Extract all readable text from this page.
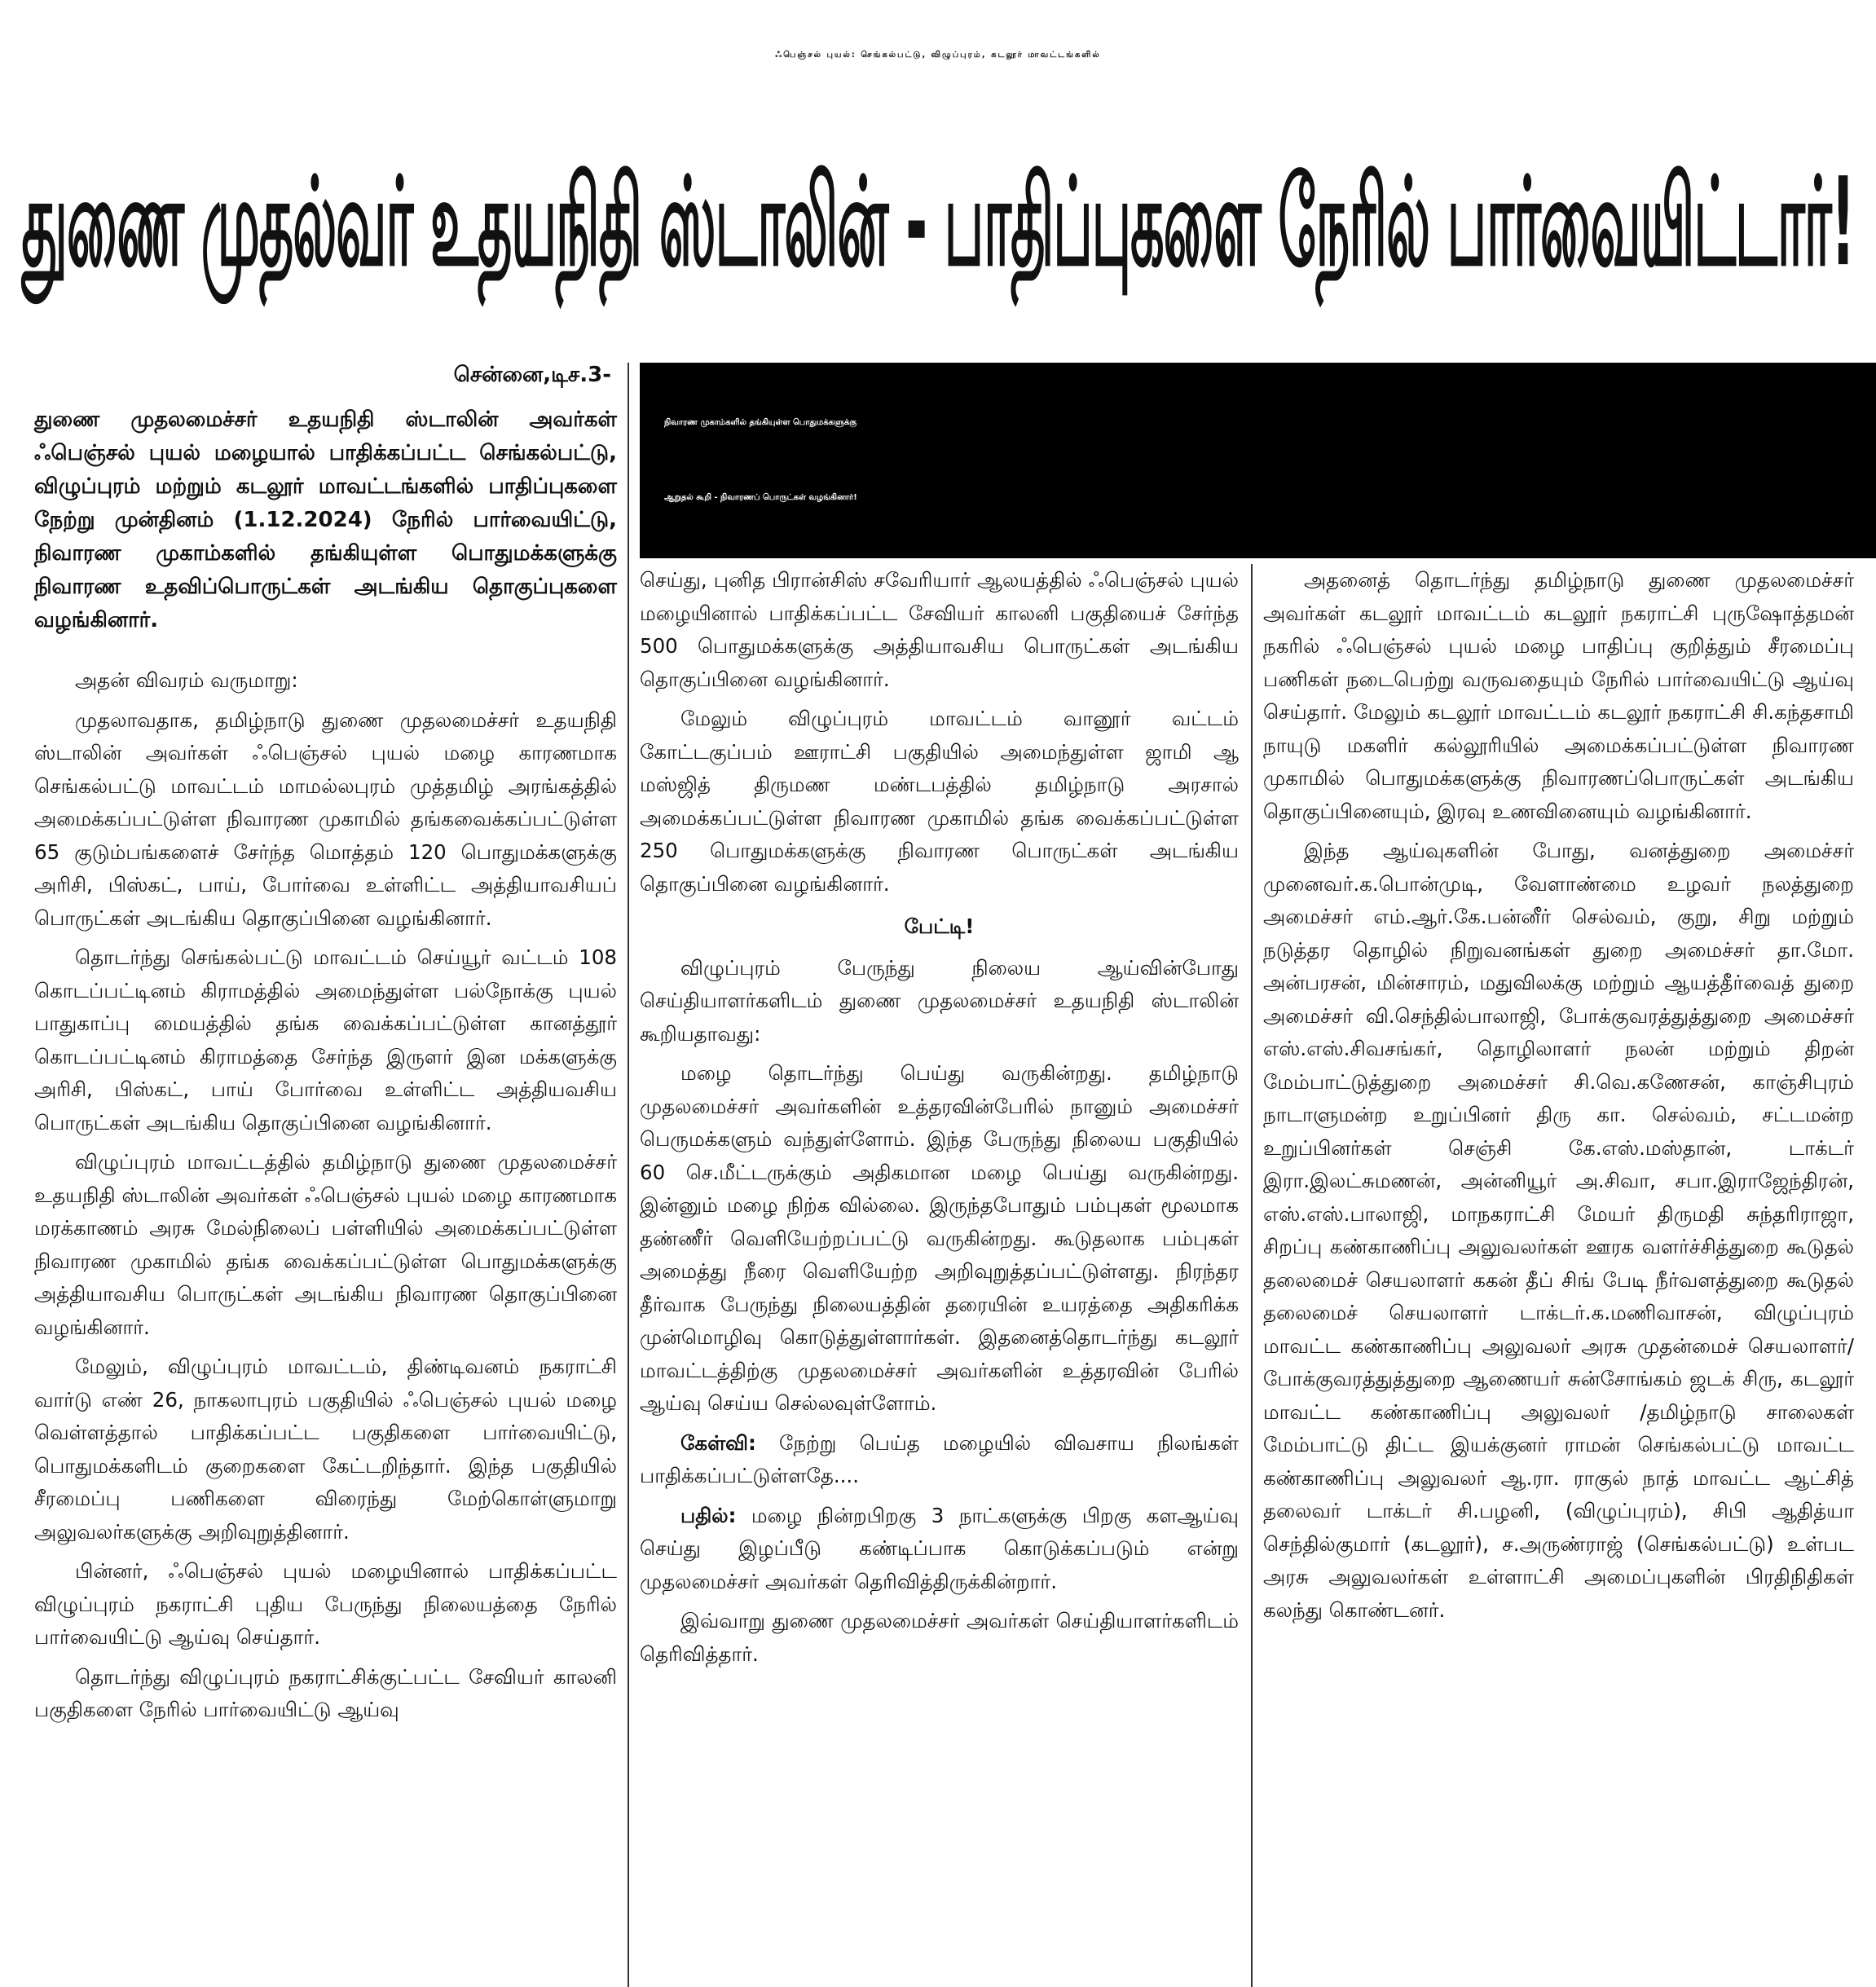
ஃபெஞ்சல் புயல்: செங்கல்பட்டு, விழுப்புரம், கடலூர் மாவட்டங்களில்
துணை முதல்வர் உதயநிதி ஸ்டாலின் - பாதிப்புகளை நேரில் பார்வையிட்டார்!
சென்னை,டிச.3-
துணை முதலமைச்சர் உதயநிதி ஸ்டாலின் அவர்கள் ஃபெஞ்சல் புயல் மழையால் பாதிக்கப்பட்ட செங்கல்பட்டு, விழுப்புரம் மற்றும் கடலூர் மாவட்டங்களில் பாதிப்புகளை நேற்று முன்தினம் (1.12.2024) நேரில் பார்வையிட்டு, நிவாரண முகாம்களில் தங்கியுள்ள பொதுமக்களுக்கு நிவாரண உதவிப்பொருட்கள் அடங்கிய தொகுப்புகளை வழங்கினார்.
நிவாரண முகாம்களில் தங்கியுள்ள பொதுமக்களுக்கு
ஆறுதல் கூறி - நிவாரணப் பொருட்கள் வழங்கினார்!

அதன் விவரம் வருமாறு:

முதலாவதாக, தமிழ்நாடு துணை முதலமைச்சர் உதயநிதி ஸ்டாலின் அவர்கள் ஃபெஞ்சல் புயல் மழை காரணமாக செங்கல்பட்டு மாவட்டம் மாமல்லபுரம் முத்தமிழ் அரங்கத்தில் அமைக்கப்பட்டுள்ள நிவாரண முகாமில் தங்கவைக்கப்பட்டுள்ள 65 குடும்பங்களைச் சேர்ந்த மொத்தம் 120 பொதுமக்களுக்கு அரிசி, பிஸ்கட், பாய், போர்வை உள்ளிட்ட அத்தியாவசியப் பொருட்கள் அடங்கிய தொகுப்பினை வழங்கினார்.

தொடர்ந்து செங்கல்பட்டு மாவட்டம் செய்யூர் வட்டம் 108 கொடப்பட்டினம் கிராமத்தில் அமைந்துள்ள பல்நோக்கு புயல் பாதுகாப்பு மையத்தில் தங்க வைக்கப்பட்டுள்ள கானத்தூர் கொடப்பட்டினம் கிராமத்தை சேர்ந்த இருளர் இன மக்களுக்கு அரிசி, பிஸ்கட், பாய் போர்வை உள்ளிட்ட அத்தியவசிய பொருட்கள் அடங்கிய தொகுப்பினை வழங்கினார்.

விழுப்புரம் மாவட்டத்தில் தமிழ்நாடு துணை முதலமைச்சர் உதயநிதி ஸ்டாலின் அவர்கள் ஃபெஞ்சல் புயல் மழை காரணமாக மரக்காணம் அரசு மேல்நிலைப் பள்ளியில் அமைக்கப்பட்டுள்ள நிவாரண முகாமில் தங்க வைக்கப்பட்டுள்ள பொதுமக்களுக்கு அத்தியாவசிய பொருட்கள் அடங்கிய நிவாரண தொகுப்பினை வழங்கினார்.

மேலும், விழுப்புரம் மாவட்டம், திண்டிவனம் நகராட்சி வார்டு எண் 26, நாகலாபுரம் பகுதியில் ஃபெஞ்சல் புயல் மழை வெள்ளத்தால் பாதிக்கப்பட்ட பகுதிகளை பார்வையிட்டு, பொதுமக்களிடம் குறைகளை கேட்டறிந்தார். இந்த பகுதியில் சீரமைப்பு பணிகளை விரைந்து மேற்கொள்ளுமாறு அலுவலர்களுக்கு அறிவுறுத்தினார்.

பின்னர், ஃபெஞ்சல் புயல் மழையினால் பாதிக்கப்பட்ட விழுப்புரம் நகராட்சி புதிய பேருந்து நிலையத்தை நேரில் பார்வையிட்டு ஆய்வு செய்தார்.

தொடர்ந்து விழுப்புரம் நகராட்சிக்குட்பட்ட சேவியர் காலனி பகுதிகளை நேரில் பார்வையிட்டு ஆய்வு

செய்து, புனித பிரான்சிஸ் சவேரியார் ஆலயத்தில் ஃபெஞ்சல் புயல் மழையினால் பாதிக்கப்பட்ட சேவியர் காலனி பகுதியைச் சேர்ந்த 500 பொதுமக்களுக்கு அத்தியாவசிய பொருட்கள் அடங்கிய தொகுப்பினை வழங்கினார்.

மேலும் விழுப்புரம் மாவட்டம் வானூர் வட்டம் கோட்டகுப்பம் ஊராட்சி பகுதியில் அமைந்துள்ள ஜாமி ஆ மஸ்ஜித் திருமண மண்டபத்தில் தமிழ்நாடு அரசால் அமைக்கப்பட்டுள்ள நிவாரண முகாமில் தங்க வைக்கப்பட்டுள்ள 250 பொதுமக்களுக்கு நிவாரண பொருட்கள் அடங்கிய தொகுப்பினை வழங்கினார்.

பேட்டி!

விழுப்புரம் பேருந்து நிலைய ஆய்வின்போது செய்தியாளர்களிடம் துணை முதலமைச்சர் உதயநிதி ஸ்டாலின் கூறியதாவது:

மழை தொடர்ந்து பெய்து வருகின்றது. தமிழ்நாடு முதலமைச்சர் அவர்களின் உத்தரவின்பேரில் நானும் அமைச்சர் பெருமக்களும் வந்துள்ளோம். இந்த பேருந்து நிலைய பகுதியில் 60 செ.மீட்டருக்கும் அதிகமான மழை பெய்து வருகின்றது. இன்னும் மழை நிற்க வில்லை. இருந்தபோதும் பம்புகள் மூலமாக தண்ணீர் வெளியேற்றப்பட்டு வருகின்றது. கூடுதலாக பம்புகள் அமைத்து நீரை வெளியேற்ற அறிவுறுத்தப்பட்டுள்ளது. நிரந்தர தீர்வாக பேருந்து நிலையத்தின் தரையின் உயரத்தை அதிகரிக்க முன்மொழிவு கொடுத்துள்ளார்கள். இதனைத்தொடர்ந்து கடலூர் மாவட்டத்திற்கு முதலமைச்சர் அவர்களின் உத்தரவின் பேரில் ஆய்வு செய்ய செல்லவுள்ளோம்.

கேள்வி: நேற்று பெய்த மழையில் விவசாய நிலங்கள் பாதிக்கப்பட்டுள்ளதே....

பதில்: மழை நின்றபிறகு 3 நாட்களுக்கு பிறகு களஆய்வு செய்து இழப்பீடு கண்டிப்பாக கொடுக்கப்படும் என்று முதலமைச்சர் அவர்கள் தெரிவித்திருக்கின்றார்.

இவ்வாறு துணை முதலமைச்சர் அவர்கள் செய்தியாளர்களிடம் தெரிவித்தார்.

அதனைத் தொடர்ந்து தமிழ்நாடு துணை முதலமைச்சர் அவர்கள் கடலூர் மாவட்டம் கடலூர் நகராட்சி புருஷோத்தமன் நகரில் ஃபெஞ்சல் புயல் மழை பாதிப்பு குறித்தும் சீரமைப்பு பணிகள் நடைபெற்று வருவதையும் நேரில் பார்வையிட்டு ஆய்வு செய்தார். மேலும் கடலூர் மாவட்டம் கடலூர் நகராட்சி சி.கந்தசாமி நாயுடு மகளிர் கல்லூரியில் அமைக்கப்பட்டுள்ள நிவாரண முகாமில் பொதுமக்களுக்கு நிவாரணப்பொருட்கள் அடங்கிய தொகுப்பினையும், இரவு உணவினையும் வழங்கினார்.

இந்த ஆய்வுகளின் போது, வனத்துறை அமைச்சர் முனைவர்.க.பொன்முடி, வேளாண்மை உழவர் நலத்துறை அமைச்சர் எம்.ஆர்.கே.பன்னீர் செல்வம், குறு, சிறு மற்றும் நடுத்தர தொழில் நிறுவனங்கள் துறை அமைச்சர் தா.மோ. அன்பரசன், மின்சாரம், மதுவிலக்கு மற்றும் ஆயத்தீர்வைத் துறை அமைச்சர் வி.செந்தில்பாலாஜி, போக்குவரத்துத்துறை அமைச்சர் எஸ்.எஸ்.சிவசங்கர், தொழிலாளர் நலன் மற்றும் திறன் மேம்பாட்டுத்துறை அமைச்சர் சி.வெ.கணேசன், காஞ்சிபுரம் நாடாளுமன்ற உறுப்பினர் திரு கா. செல்வம், சட்டமன்ற உறுப்பினர்கள் செஞ்சி கே.எஸ்.மஸ்தான், டாக்டர் இரா.இலட்சுமணன், அன்னியூர் அ.சிவா, சபா.இராஜேந்திரன், எஸ்.எஸ்.பாலாஜி, மாநகராட்சி மேயர் திருமதி சுந்தரிராஜா, சிறப்பு கண்காணிப்பு அலுவலர்கள் ஊரக வளர்ச்சித்துறை கூடுதல் தலைமைச் செயலாளர் ககன் தீப் சிங் பேடி நீர்வளத்துறை கூடுதல் தலைமைச் செயலாளர் டாக்டர்.க.மணிவாசன், விழுப்புரம் மாவட்ட கண்காணிப்பு அலுவலர் அரசு முதன்மைச் செயலாளர்/ போக்குவரத்துத்துறை ஆணையர் சுன்சோங்கம் ஜடக் சிரு, கடலூர் மாவட்ட கண்காணிப்பு அலுவலர் /தமிழ்நாடு சாலைகள் மேம்பாட்டு திட்ட இயக்குனர் ராமன் செங்கல்பட்டு மாவட்ட கண்காணிப்பு அலுவலர் ஆ.ரா. ராகுல் நாத் மாவட்ட ஆட்சித் தலைவர் டாக்டர் சி.பழனி, (விழுப்புரம்), சிபி ஆதித்யா செந்தில்குமார் (கடலூர்), ச.அருண்ராஜ் (செங்கல்பட்டு) உள்பட அரசு அலுவலர்கள் உள்ளாட்சி அமைப்புகளின் பிரதிநிதிகள் கலந்து கொண்டனர்.
